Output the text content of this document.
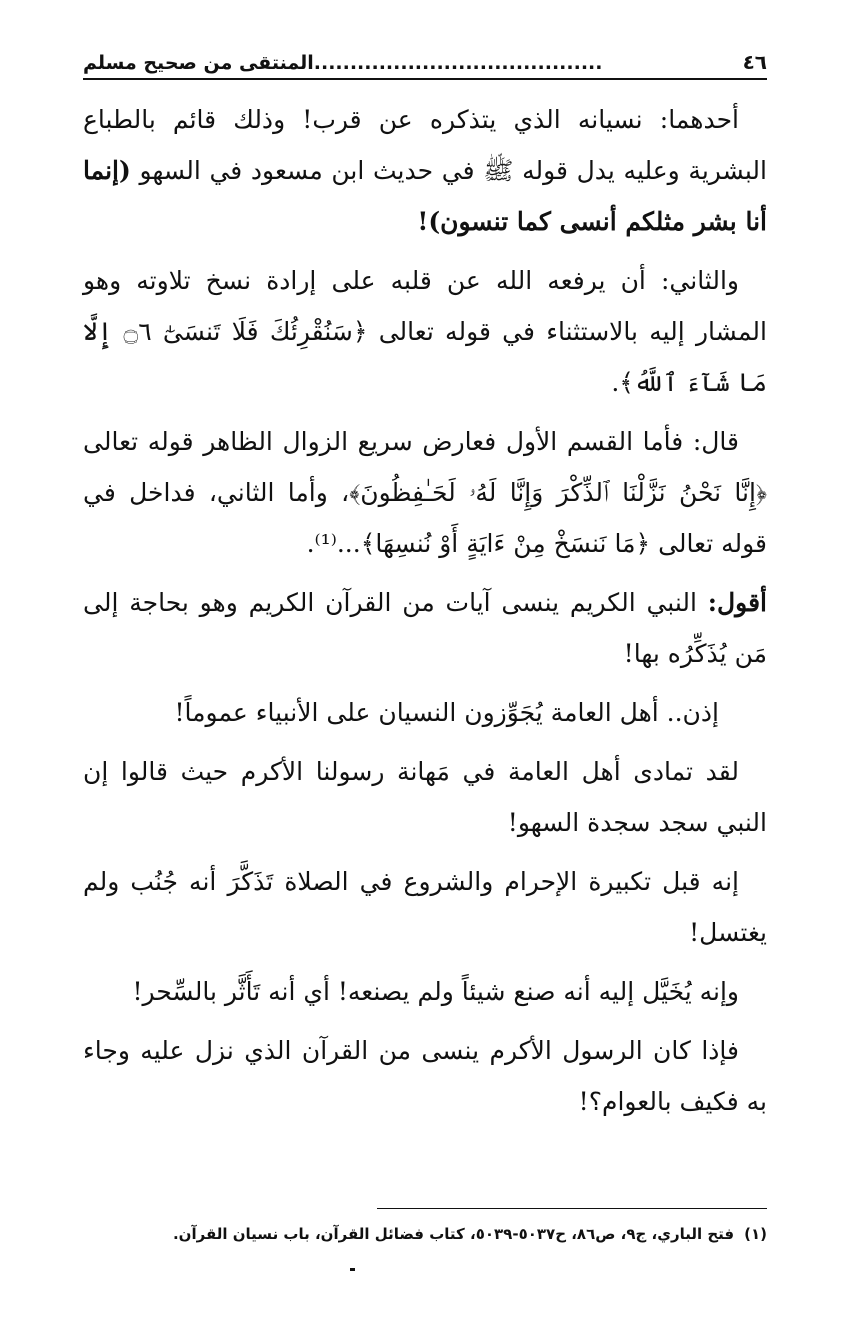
٤٦
........................................المنتقى من صحيح مسلم

أحدهما: نسيانه الذي يتذكره عن قرب! وذلك قائم بالطباع البشرية وعليه يدل قوله ﷺ في حديث ابن مسعود في السهو (إنما أنا بشر مثلكم أنسى كما تنسون)!

والثاني: أن يرفعه الله عن قلبه على إرادة نسخ تلاوته وهو المشار إليه بالاستثناء في قوله تعالى ﴿سَنُقْرِئُكَ فَلَا تَنسَىٰٓ ۝٦ إِلَّا مَا شَآءَ ٱللَّهُ﴾.

قال: فأما القسم الأول فعارض سريع الزوال الظاهر قوله تعالى ﴿إِنَّا نَحْنُ نَزَّلْنَا ٱلذِّكْرَ وَإِنَّا لَهُۥ لَحَـٰفِظُونَ﴾، وأما الثاني، فداخل في قوله تعالى ﴿مَا نَنسَخْ مِنْ ءَايَةٍ أَوْ نُنسِهَا﴾...⁽¹⁾.

أقول: النبي الكريم ينسى آيات من القرآن الكريم وهو بحاجة إلى مَن يُذَكِّرُه بها!

إذن.. أهل العامة يُجَوِّزون النسيان على الأنبياء عموماً!

لقد تمادى أهل العامة في مَهانة رسولنا الأكرم حيث قالوا إن النبي سجد سجدة السهو!

إنه قبل تكبيرة الإحرام والشروع في الصلاة تَذَكَّرَ أنه جُنُب ولم يغتسل!

وإنه يُخَيَّل إليه أنه صنع شيئاً ولم يصنعه! أي أنه تَأَثَّر بالسِّحر!

فإذا كان الرسول الأكرم ينسى من القرآن الذي نزل عليه وجاء به فكيف بالعوام؟!

(١)فتح الباري، ج٩، ص٨٦، ح٥٠٣٧-٥٠٣٩، كتاب فضائل القرآن، باب نسيان القرآن.
